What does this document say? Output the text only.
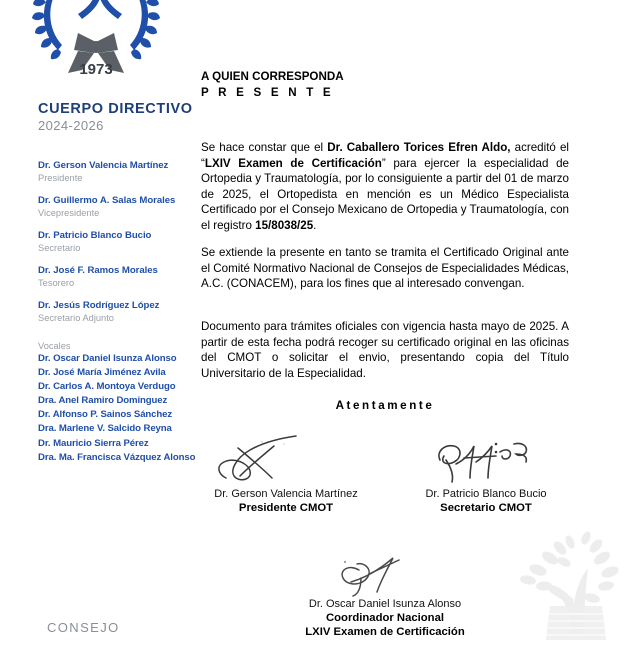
1973
CUERPO DIRECTIVO
2024-2026
Dr. Gerson Valencia Martínez
Presidente
Dr. Guillermo A. Salas Morales
Vicepresidente
Dr. Patricio Blanco Bucio
Secretario
Dr. José F. Ramos Morales
Tesorero
Dr. Jesús Rodríguez López
Secretario Adjunto
Vocales
Dr. Oscar Daniel Isunza Alonso
Dr. José María Jiménez Avila
Dr. Carlos A. Montoya Verdugo
Dra. Anel Ramiro Dominguez
Dr. Alfonso P. Sainos Sánchez
Dra. Marlene V. Salcido Reyna
Dr. Mauricio Sierra Pérez
Dra. Ma. Francisca Vázquez Alonso
CONSEJO
A QUIEN CORRESPONDA
P R E S E N T E
Se hace constar que el Dr. Caballero Torices Efren Aldo, acreditó el “LXIV Examen de Certificación” para ejercer la especialidad de Ortopedia y Traumatología, por lo consiguiente a partir del 01 de marzo de 2025, el Ortopedista en mención es un Médico Especialista Certificado por el Consejo Mexicano de Ortopedia y Traumatología, con el registro 15/8038/25.
Se extiende la presente en tanto se tramita el Certificado Original ante el Comité Normativo Nacional de Consejos de Especialidades Médicas, A.C. (CONACEM), para los fines que al interesado convengan.
Documento para trámites oficiales con vigencia hasta mayo de 2025. A partir de esta fecha podrá recoger su certificado original en las oficinas del CMOT o solicitar el envio, presentando copia del Título Universitario de la Especialidad.
Atentamente
Dr. Gerson Valencia Martínez
Presidente CMOT
Dr. Patricio Blanco Bucio
Secretario CMOT
Dr. Oscar Daniel Isunza Alonso
Coordinador Nacional
LXIV Examen de Certificación
